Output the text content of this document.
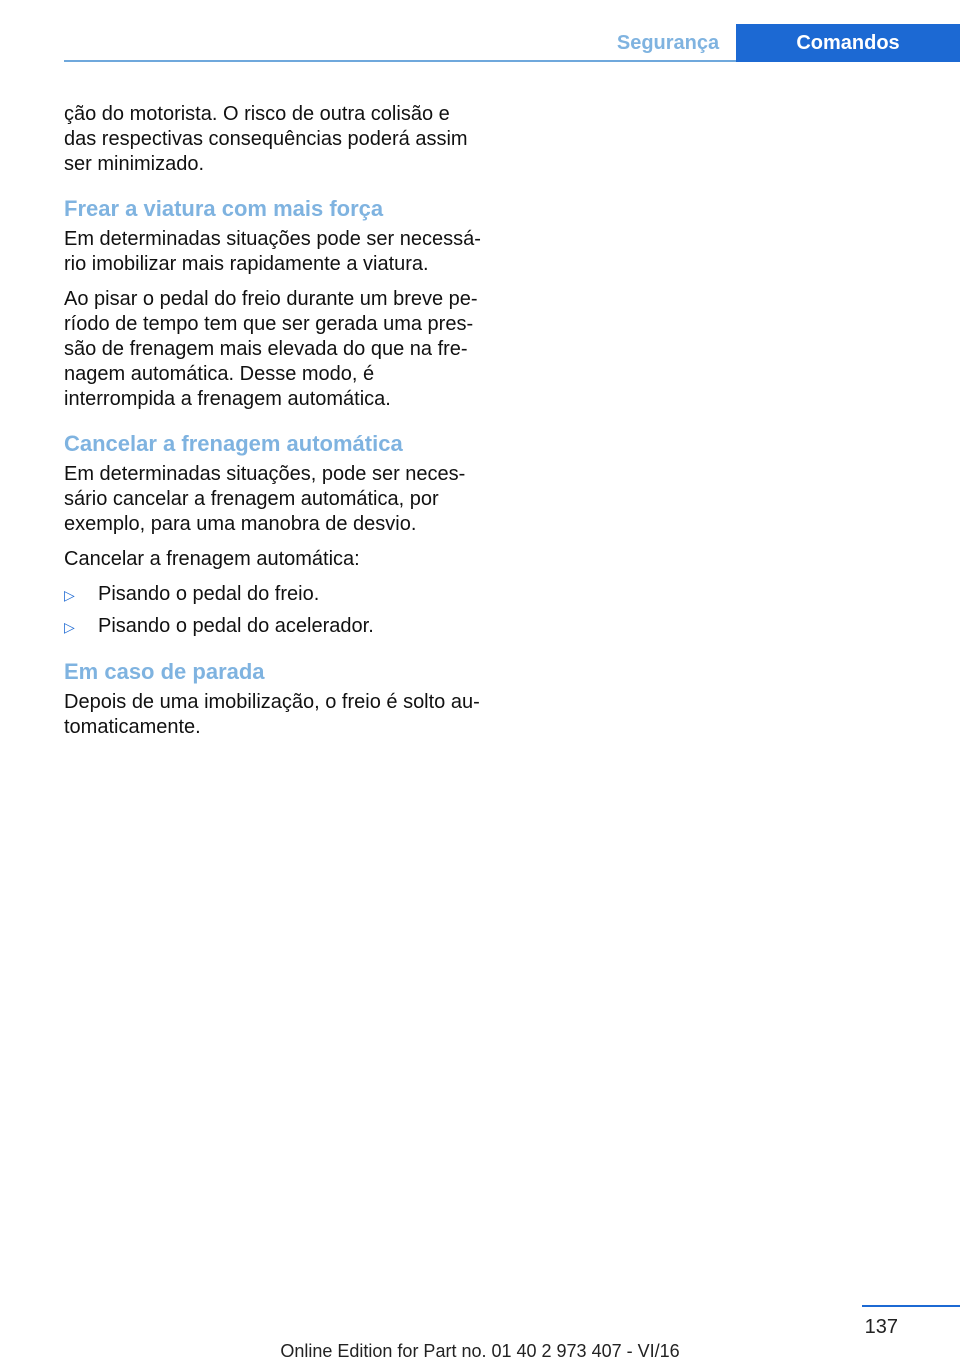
Segurança	Comandos

ção do motorista. O risco de outra colisão e das respectivas consequências poderá assim ser minimizado.

Frear a viatura com mais força

Em determinadas situações pode ser necessá‐ rio imobilizar mais rapidamente a viatura.

Ao pisar o pedal do freio durante um breve pe‐ ríodo de tempo tem que ser gerada uma pres‐ são de frenagem mais elevada do que na fre‐ nagem automática. Desse modo, é interrompida a frenagem automática.

Cancelar a frenagem automática

Em determinadas situações, pode ser neces‐ sário cancelar a frenagem automática, por exemplo, para uma manobra de desvio.

Cancelar a frenagem automática:

▷	Pisando o pedal do freio.
▷	Pisando o pedal do acelerador.
Em caso de parada

Depois de uma imobilização, o freio é solto au‐ tomaticamente.

137
Online Edition for Part no. 01 40 2 973 407 - VI/16
